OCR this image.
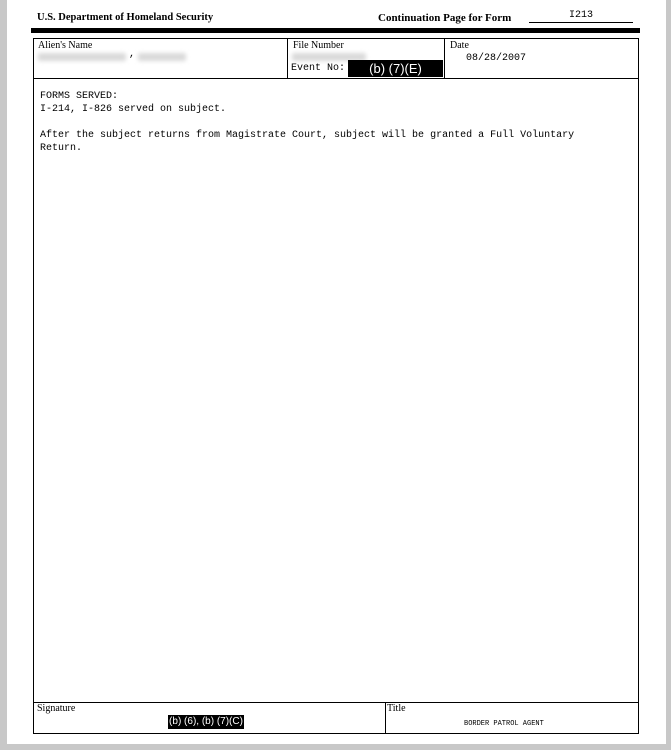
U.S. Department of Homeland Security	Continuation Page for Form	I213
Alien's Name
,
File Number
Event No:	(b) (7)(E)
Date
08/28/2007

FORMS SERVED:

I-214, I-826 served on subject.

After the subject returns from Magistrate Court, subject will be granted a Full Voluntary

Return.

Signature
(b) (6), (b) (7)(C)
Title
BORDER PATROL AGENT
